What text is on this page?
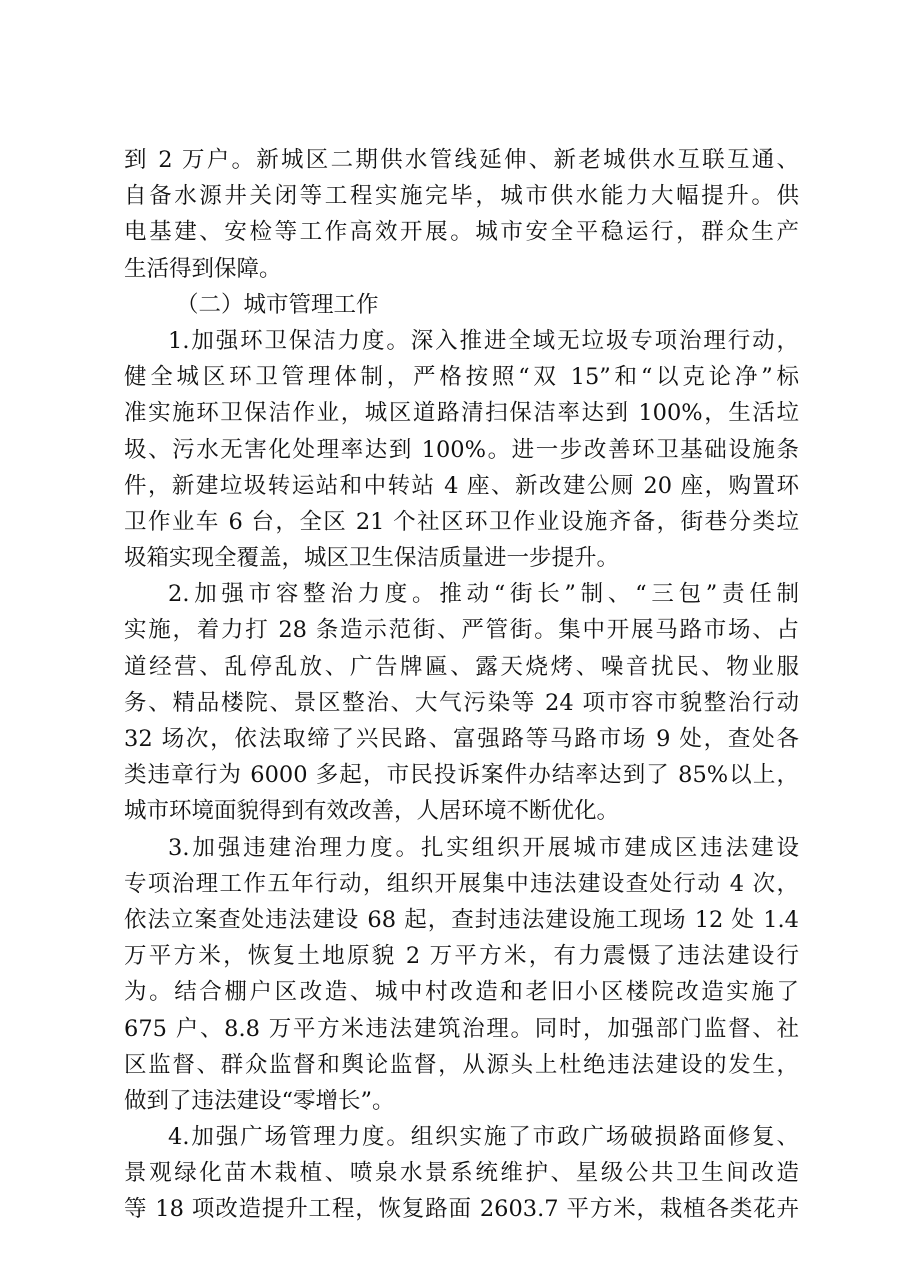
到 2 万户。新城区二期供水管线延伸、新老城供水互联互通、
自备水源井关闭等工程实施完毕，城市供水能力大幅提升。供
电基建、安检等工作高效开展。城市安全平稳运行，群众生产
生活得到保障。
（二）城市管理工作
1.加强环卫保洁力度。深入推进全域无垃圾专项治理行动，
健全城区环卫管理体制，严格按照“双 15”和“以克论净”标
准实施环卫保洁作业，城区道路清扫保洁率达到 100%，生活垃
圾、污水无害化处理率达到 100%。进一步改善环卫基础设施条
件，新建垃圾转运站和中转站 4 座、新改建公厕 20 座，购置环
卫作业车 6 台，全区 21 个社区环卫作业设施齐备，街巷分类垃
圾箱实现全覆盖，城区卫生保洁质量进一步提升。
2.加强市容整治力度。推动“街长”制、“三包”责任制
实施，着力打 28 条造示范街、严管街。集中开展马路市场、占
道经营、乱停乱放、广告牌匾、露天烧烤、噪音扰民、物业服
务、精品楼院、景区整治、大气污染等 24 项市容市貌整治行动
32 场次，依法取缔了兴民路、富强路等马路市场 9 处，查处各
类违章行为 6000 多起，市民投诉案件办结率达到了 85%以上，
城市环境面貌得到有效改善，人居环境不断优化。
3.加强违建治理力度。扎实组织开展城市建成区违法建设
专项治理工作五年行动，组织开展集中违法建设查处行动 4 次，
依法立案查处违法建设 68 起，查封违法建设施工现场 12 处 1.4
万平方米，恢复土地原貌 2 万平方米，有力震慑了违法建设行
为。结合棚户区改造、城中村改造和老旧小区楼院改造实施了
675 户、8.8 万平方米违法建筑治理。同时，加强部门监督、社
区监督、群众监督和舆论监督，从源头上杜绝违法建设的发生，
做到了违法建设“零增长”。
4.加强广场管理力度。组织实施了市政广场破损路面修复、
景观绿化苗木栽植、喷泉水景系统维护、星级公共卫生间改造
等 18 项改造提升工程，恢复路面 2603.7 平方米，栽植各类花卉
